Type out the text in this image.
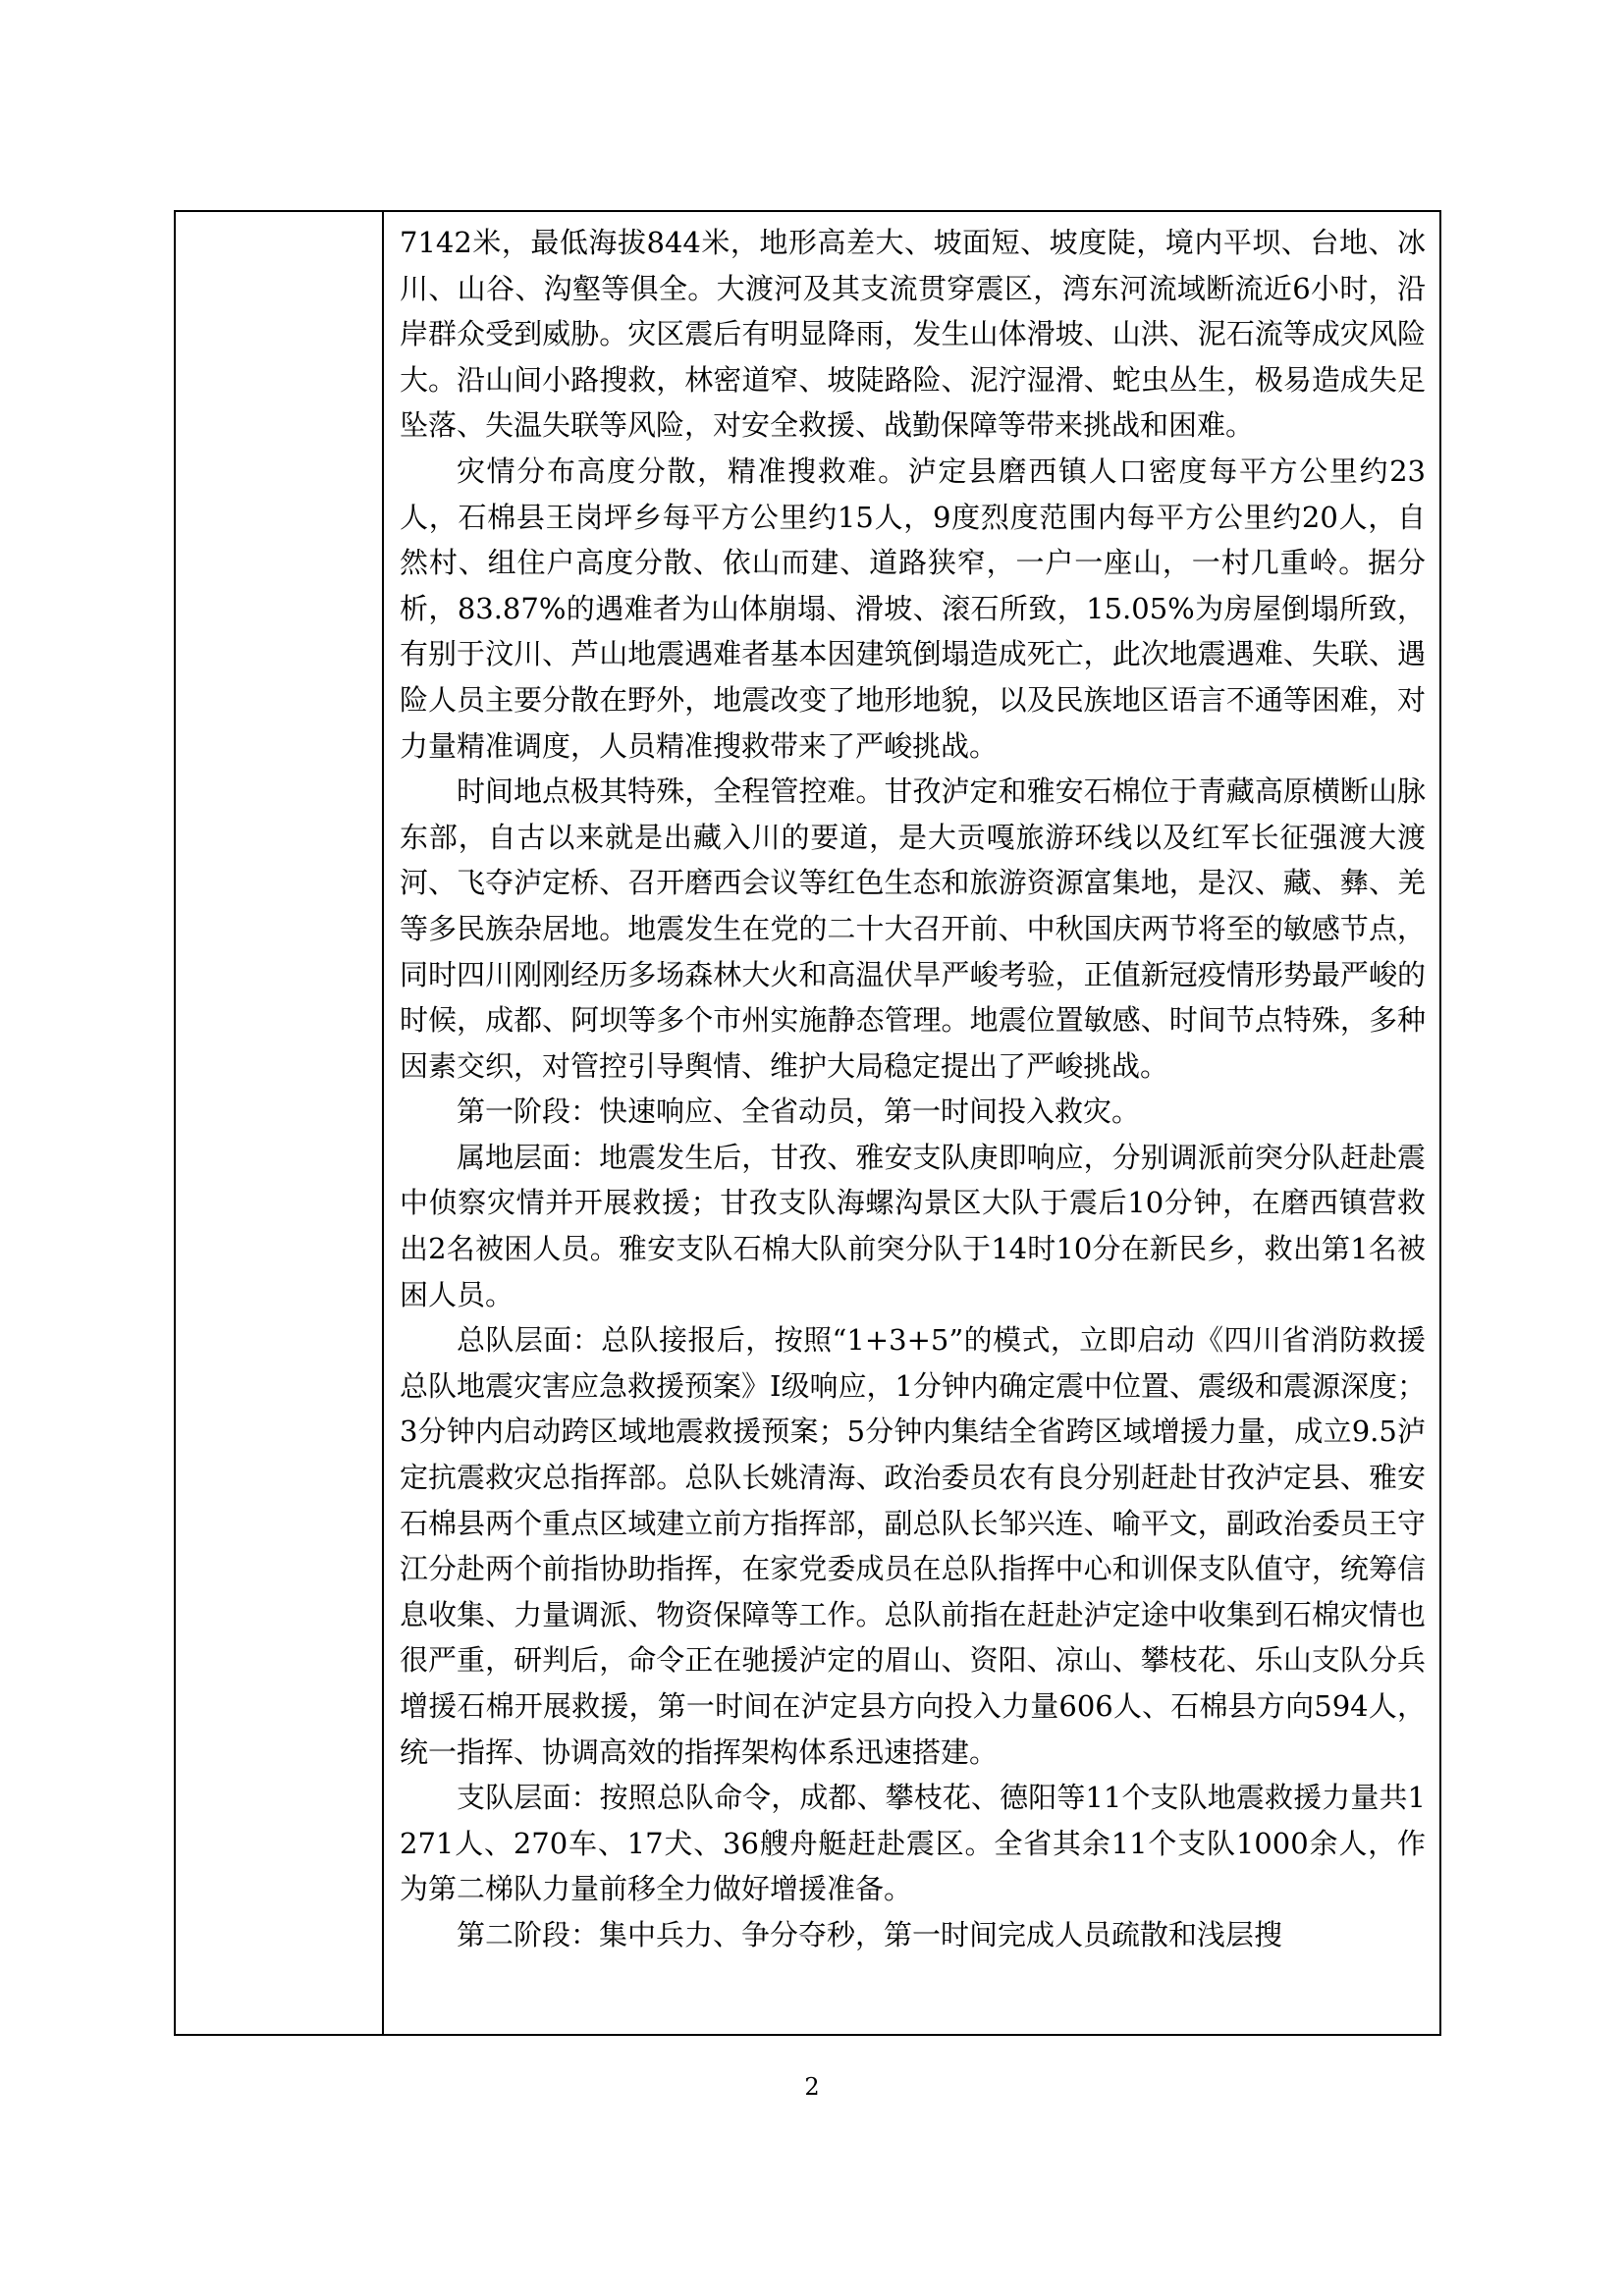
7142米，最低海拔844米，地形高差大、坡面短、坡度陡，境内平坝、台地、冰川、山谷、沟壑等俱全。大渡河及其支流贯穿震区，湾东河流域断流近6小时，沿岸群众受到威胁。灾区震后有明显降雨，发生山体滑坡、山洪、泥石流等成灾风险大。沿山间小路搜救，林密道窄、坡陡路险、泥泞湿滑、蛇虫丛生，极易造成失足坠落、失温失联等风险，对安全救援、战勤保障等带来挑战和困难。

灾情分布高度分散，精准搜救难。泸定县磨西镇人口密度每平方公里约23人，石棉县王岗坪乡每平方公里约15人，9度烈度范围内每平方公里约20人，自然村、组住户高度分散、依山而建、道路狭窄，一户一座山，一村几重岭。据分析，83.87%的遇难者为山体崩塌、滑坡、滚石所致，15.05%为房屋倒塌所致，有别于汶川、芦山地震遇难者基本因建筑倒塌造成死亡，此次地震遇难、失联、遇险人员主要分散在野外，地震改变了地形地貌，以及民族地区语言不通等困难，对力量精准调度，人员精准搜救带来了严峻挑战。

时间地点极其特殊，全程管控难。甘孜泸定和雅安石棉位于青藏高原横断山脉东部，自古以来就是出藏入川的要道，是大贡嘎旅游环线以及红军长征强渡大渡河、飞夺泸定桥、召开磨西会议等红色生态和旅游资源富集地，是汉、藏、彝、羌等多民族杂居地。地震发生在党的二十大召开前、中秋国庆两节将至的敏感节点，同时四川刚刚经历多场森林大火和高温伏旱严峻考验，正值新冠疫情形势最严峻的时候，成都、阿坝等多个市州实施静态管理。地震位置敏感、时间节点特殊，多种因素交织，对管控引导舆情、维护大局稳定提出了严峻挑战。

第一阶段：快速响应、全省动员，第一时间投入救灾。

属地层面：地震发生后，甘孜、雅安支队庚即响应，分别调派前突分队赶赴震中侦察灾情并开展救援；甘孜支队海螺沟景区大队于震后10分钟，在磨西镇营救出2名被困人员。雅安支队石棉大队前突分队于14时10分在新民乡，救出第1名被困人员。

总队层面：总队接报后，按照“1+3+5”的模式，立即启动《四川省消防救援总队地震灾害应急救援预案》Ⅰ级响应，1分钟内确定震中位置、震级和震源深度；3分钟内启动跨区域地震救援预案；5分钟内集结全省跨区域增援力量，成立9.5泸定抗震救灾总指挥部。总队长姚清海、政治委员农有良分别赶赴甘孜泸定县、雅安石棉县两个重点区域建立前方指挥部，副总队长邹兴连、喻平文，副政治委员王守江分赴两个前指协助指挥，在家党委成员在总队指挥中心和训保支队值守，统筹信息收集、力量调派、物资保障等工作。总队前指在赶赴泸定途中收集到石棉灾情也很严重，研判后，命令正在驰援泸定的眉山、资阳、凉山、攀枝花、乐山支队分兵增援石棉开展救援，第一时间在泸定县方向投入力量606人、石棉县方向594人，统一指挥、协调高效的指挥架构体系迅速搭建。

支队层面：按照总队命令，成都、攀枝花、德阳等11个支队地震救援力量共1271人、270车、17犬、36艘舟艇赶赴震区。全省其余11个支队1000余人，作为第二梯队力量前移全力做好增援准备。

第二阶段：集中兵力、争分夺秒，第一时间完成人员疏散和浅层搜

2
